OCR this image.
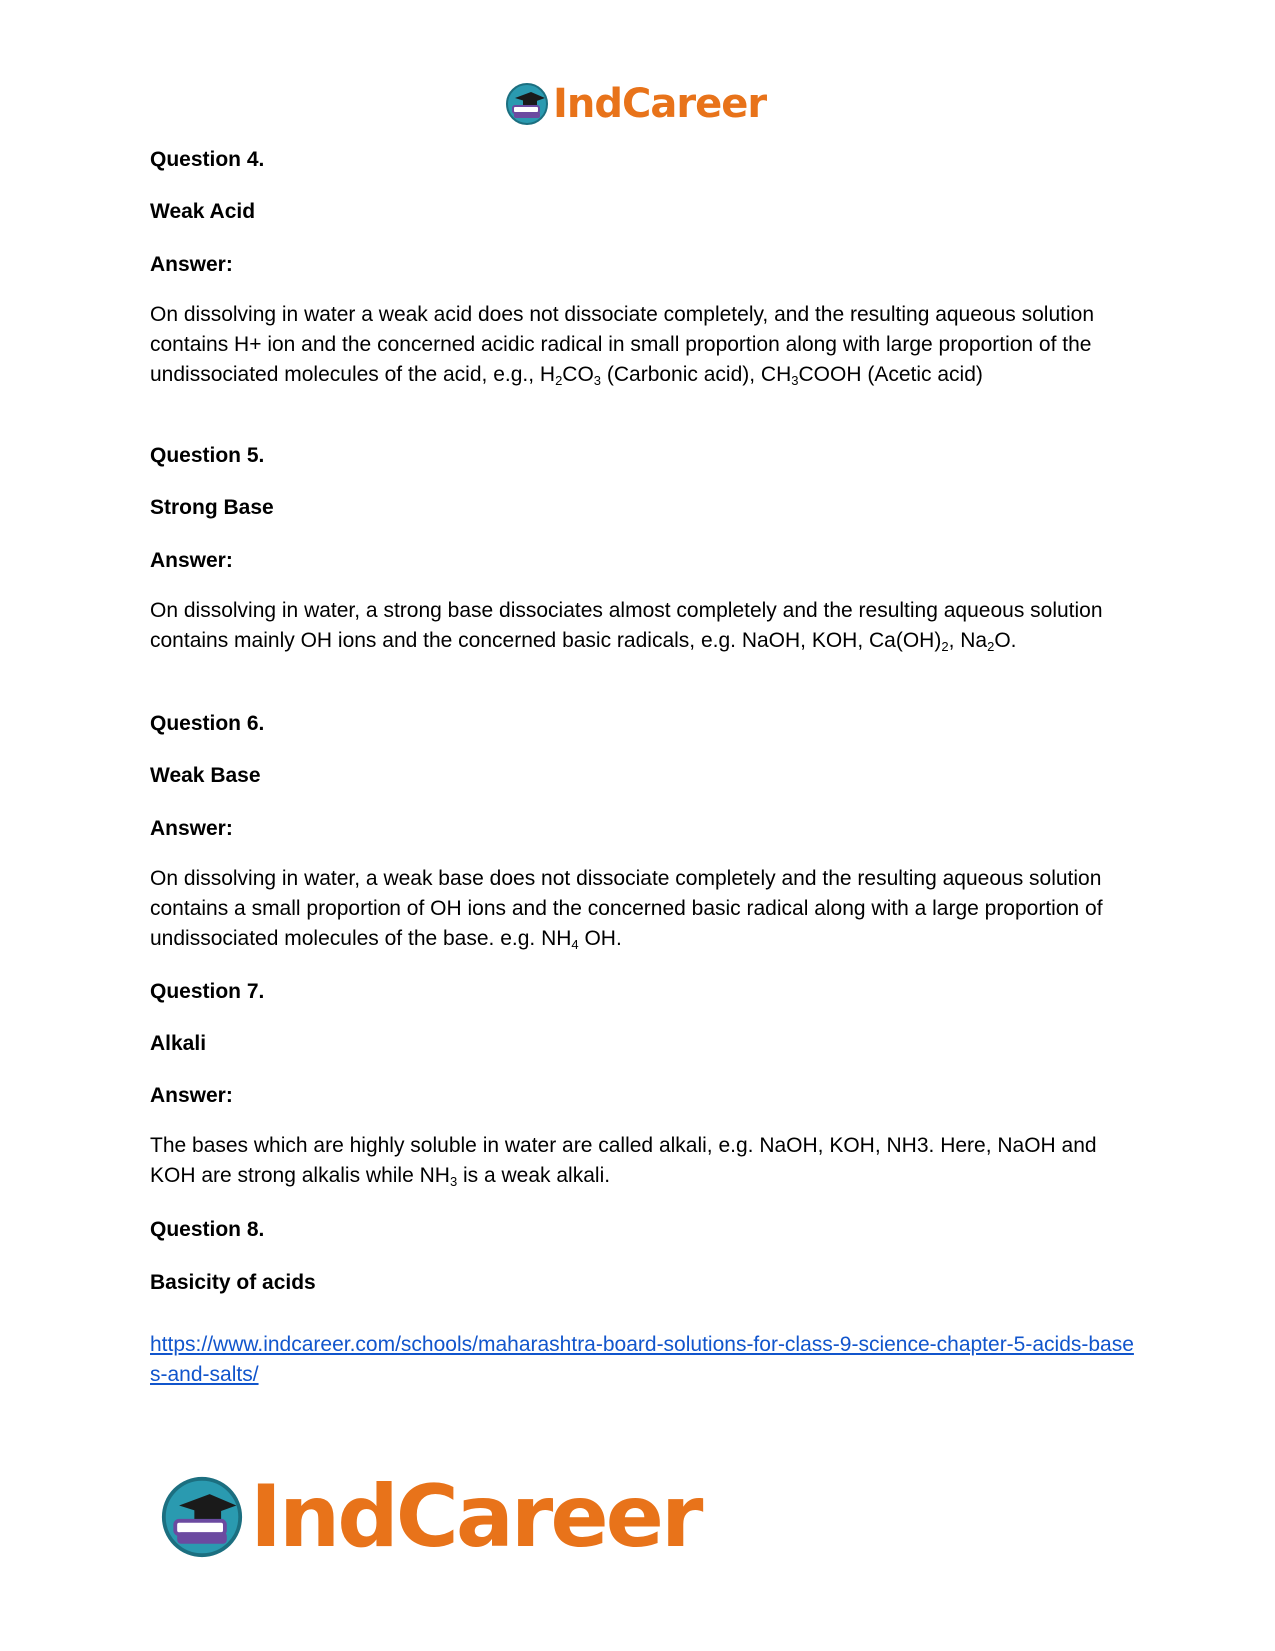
IndCareer

Question 4.

Weak Acid

Answer:

On dissolving in water a weak acid does not dissociate completely, and the resulting aqueous solution contains H+ ion and the concerned acidic radical in small proportion along with large proportion of the undissociated molecules of the acid, e.g., $H_2CO_3$ (Carbonic acid), $CH_3COOH$ (Acetic acid)

Question 5.

Strong Base

Answer:

On dissolving in water, a strong base dissociates almost completely and the resulting aqueous solution contains mainly OH ions and the concerned basic radicals, e.g. NaOH, KOH, $Ca(OH)_2$, $Na_2O$.

Question 6.

Weak Base

Answer:

On dissolving in water, a weak base does not dissociate completely and the resulting aqueous solution contains a small proportion of OH ions and the concerned basic radical along with a large proportion of undissociated molecules of the base. e.g. $NH_4$ OH.

Question 7.

Alkali

Answer:

The bases which are highly soluble in water are called alkali, e.g. NaOH, KOH, NH3. Here, NaOH and KOH are strong alkalis while $NH_3$ is a weak alkali.

Question 8.

Basicity of acids

https://www.indcareer.com/schools/maharashtra-board-solutions-for-class-9-science-chapter-5-acids-bases-and-salts/
IndCareer
